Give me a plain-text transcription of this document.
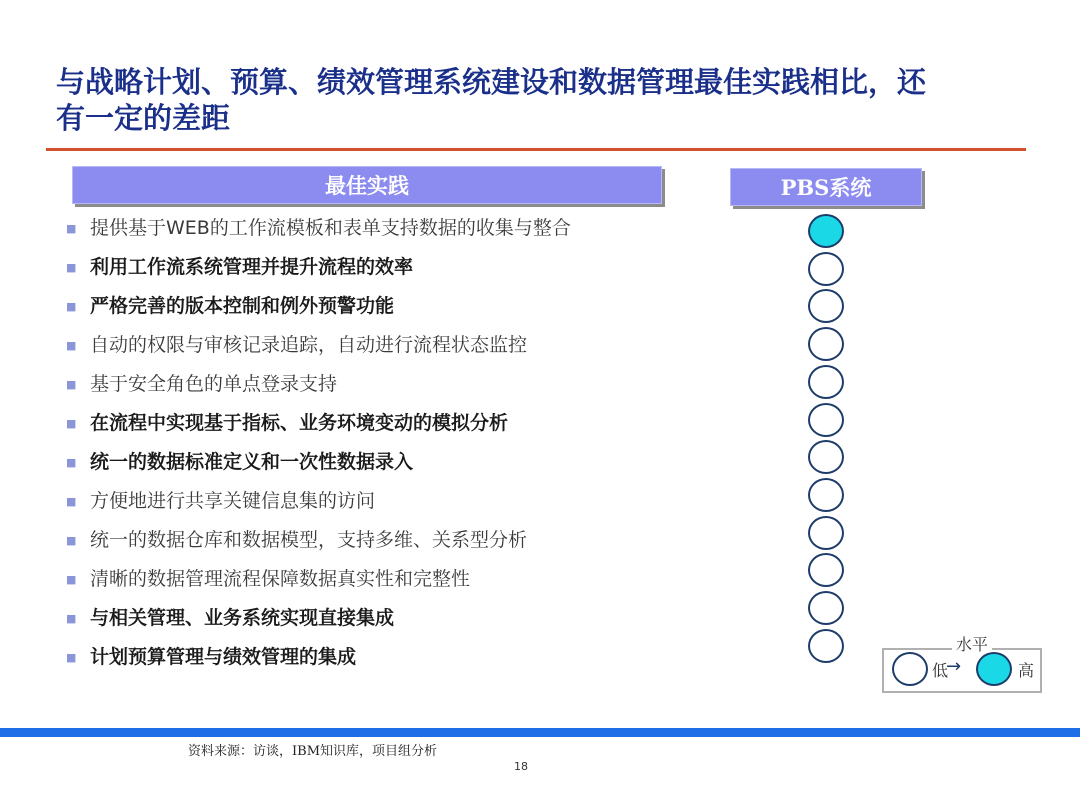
与战略计划、预算、绩效管理系统建设和数据管理最佳实践相比，还有一定的差距
最佳实践	PBS系统
■ 提供基于WEB的工作流模板和表单支持数据的收集与整合
■ 利用工作流系统管理并提升流程的效率
■ 严格完善的版本控制和例外预警功能
■ 自动的权限与审核记录追踪，自动进行流程状态监控
■ 基于安全角色的单点登录支持
■ 在流程中实现基于指标、业务环境变动的模拟分析
■ 统一的数据标准定义和一次性数据录入
■ 方便地进行共享关键信息集的访问
■ 统一的数据仓库和数据模型，支持多维、关系型分析
■ 清晰的数据管理流程保障数据真实性和完整性
■ 与相关管理、业务系统实现直接集成
■ 计划预算管理与绩效管理的集成
水平
低
→	高
资料来源：访谈，IBM知识库，项目组分析
18
